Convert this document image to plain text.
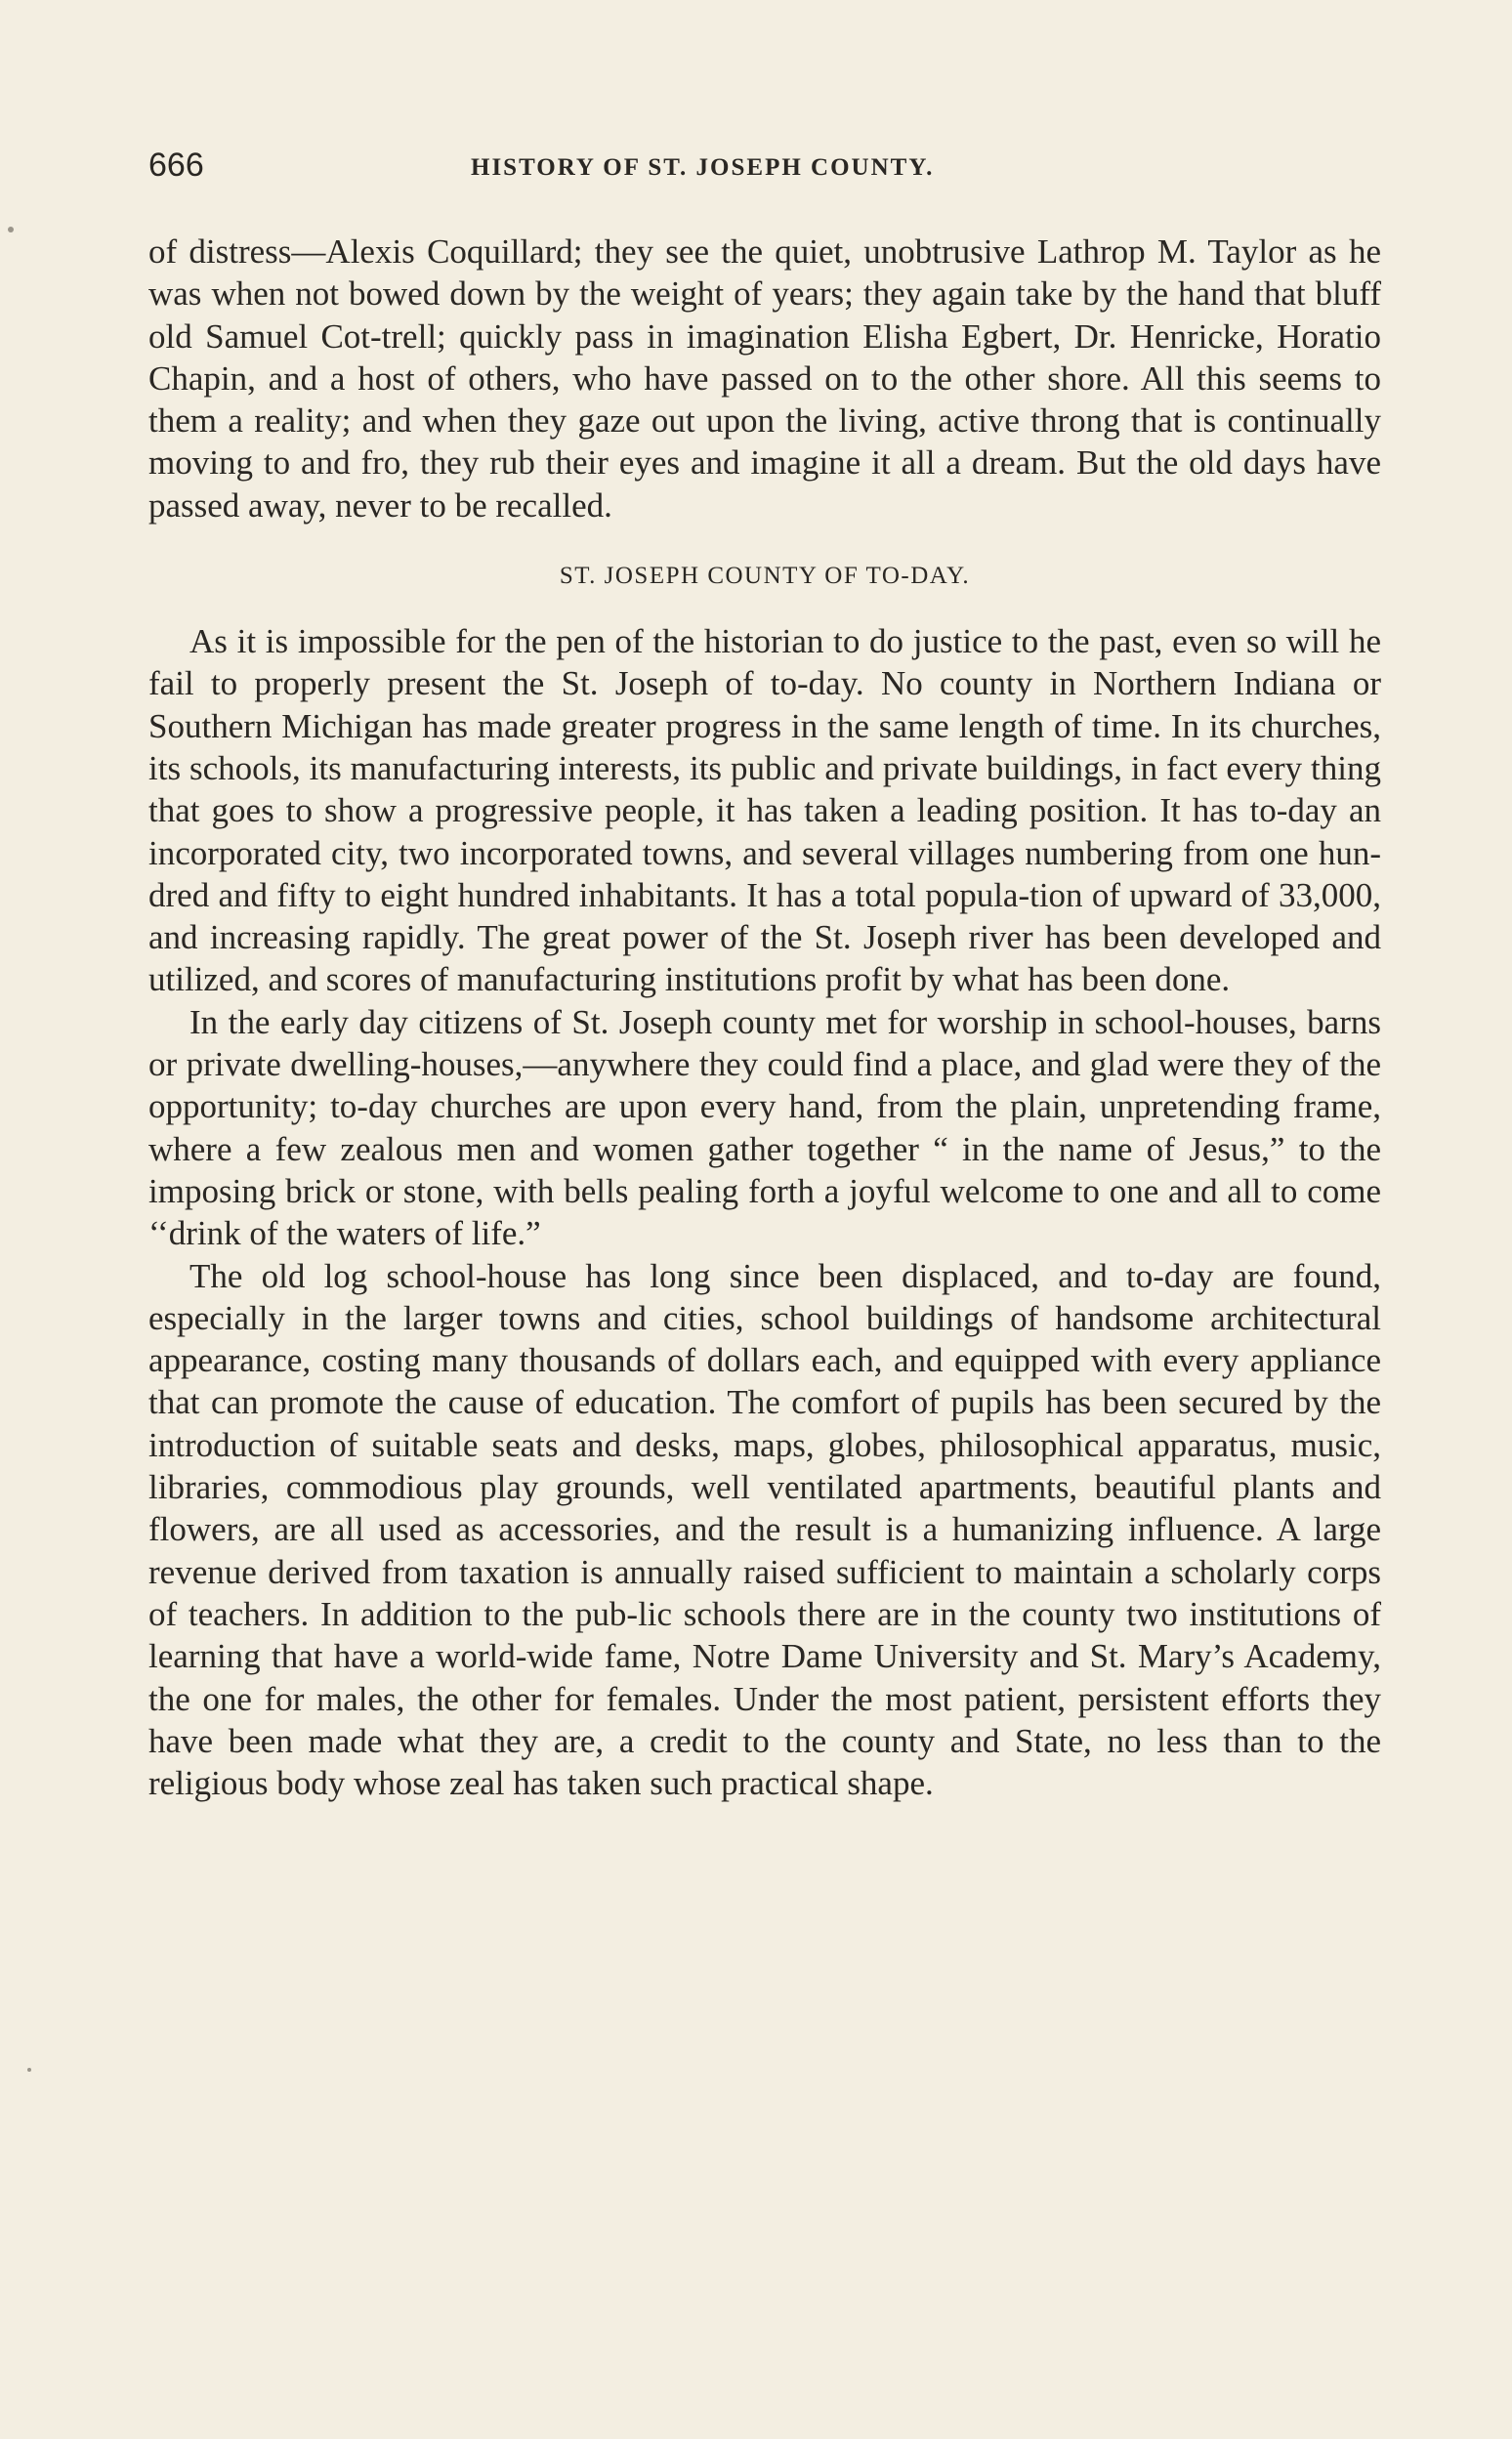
666	HISTORY OF ST. JOSEPH COUNTY.

of distress—Alexis Coquillard; they see the quiet, unobtrusive Lathrop M. Taylor as he was when not bowed down by the weight of years; they again take by the hand that bluff old Samuel Cot-trell; quickly pass in imagination Elisha Egbert, Dr. Henricke, Horatio Chapin, and a host of others, who have passed on to the other shore. All this seems to them a reality; and when they gaze out upon the living, active throng that is continually moving to and fro, they rub their eyes and imagine it all a dream. But the old days have passed away, never to be recalled.

ST. JOSEPH COUNTY OF TO-DAY.

As it is impossible for the pen of the historian to do justice to the past, even so will he fail to properly present the St. Joseph of to-day. No county in Northern Indiana or Southern Michigan has made greater progress in the same length of time. In its churches, its schools, its manufacturing interests, its public and private buildings, in fact every thing that goes to show a progressive people, it has taken a leading position. It has to-day an incorporated city, two incorporated towns, and several villages numbering from one hun-dred and fifty to eight hundred inhabitants. It has a total popula-tion of upward of 33,000, and increasing rapidly. The great power of the St. Joseph river has been developed and utilized, and scores of manufacturing institutions profit by what has been done.

In the early day citizens of St. Joseph county met for worship in school-houses, barns or private dwelling-houses,—anywhere they could find a place, and glad were they of the opportunity; to-day churches are upon every hand, from the plain, unpretending frame, where a few zealous men and women gather together “ in the name of Jesus,” to the imposing brick or stone, with bells pealing forth a joyful welcome to one and all to come ‘‘drink of the waters of life.”

The old log school-house has long since been displaced, and to-day are found, especially in the larger towns and cities, school buildings of handsome architectural appearance, costing many thousands of dollars each, and equipped with every appliance that can promote the cause of education. The comfort of pupils has been secured by the introduction of suitable seats and desks, maps, globes, philosophical apparatus, music, libraries, commodious play grounds, well ventilated apartments, beautiful plants and flowers, are all used as accessories, and the result is a humanizing influence. A large revenue derived from taxation is annually raised sufficient to maintain a scholarly corps of teachers. In addition to the pub-lic schools there are in the county two institutions of learning that have a world-wide fame, Notre Dame University and St. Mary’s Academy, the one for males, the other for females. Under the most patient, persistent efforts they have been made what they are, a credit to the county and State, no less than to the religious body whose zeal has taken such practical shape.
